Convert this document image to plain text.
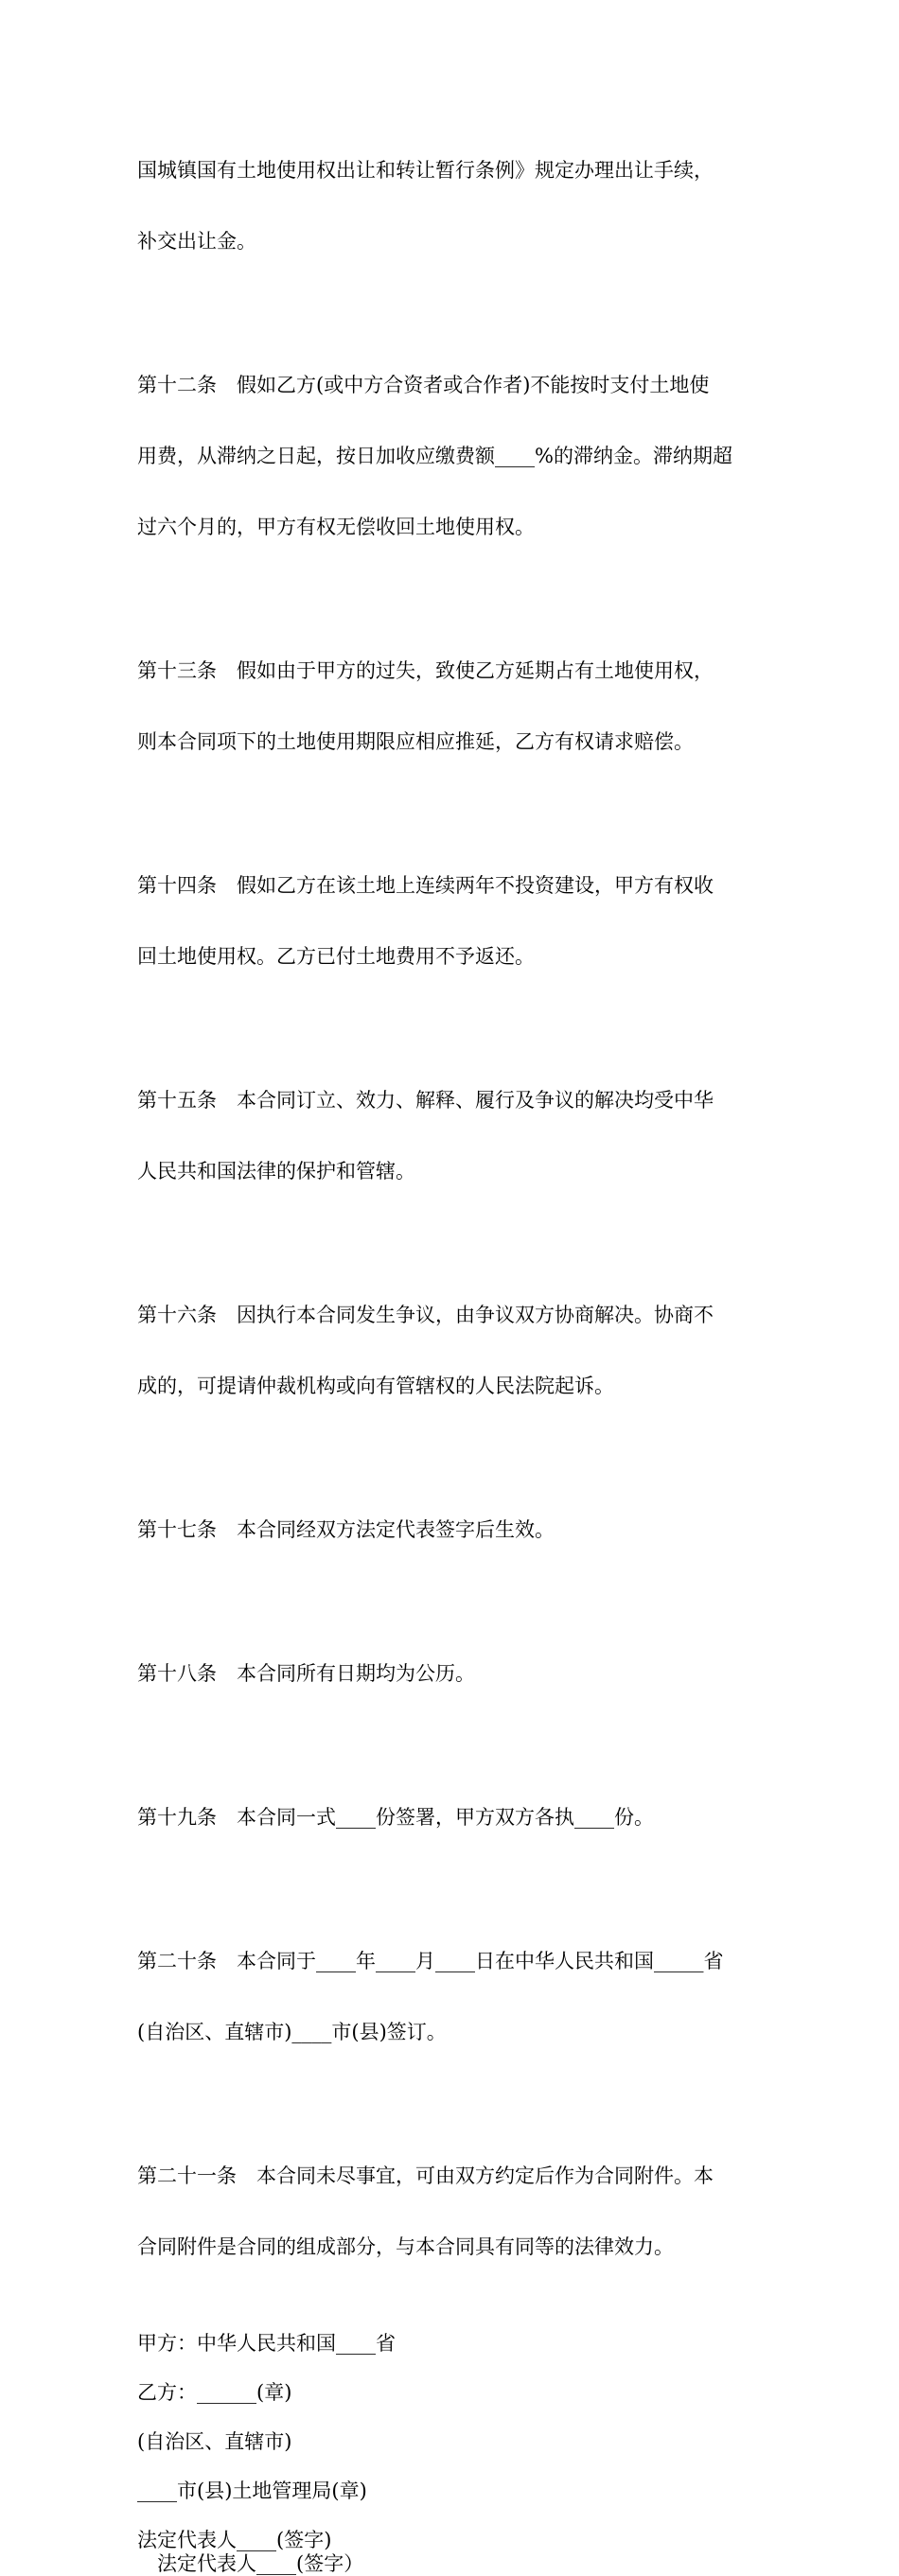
国城镇国有土地使用权出让和转让暂行条例》规定办理出让手续，

补交出让金。

第十二条　假如乙方(或中方合资者或合作者)不能按时支付土地使

用费，从滞纳之日起，按日加收应缴费额____%的滞纳金。滞纳期超

过六个月的，甲方有权无偿收回土地使用权。

第十三条　假如由于甲方的过失，致使乙方延期占有土地使用权，

则本合同项下的土地使用期限应相应推延，乙方有权请求赔偿。

第十四条　假如乙方在该土地上连续两年不投资建设，甲方有权收

回土地使用权。乙方已付土地费用不予返还。

第十五条　本合同订立、效力、解释、履行及争议的解决均受中华

人民共和国法律的保护和管辖。

第十六条　因执行本合同发生争议，由争议双方协商解决。协商不

成的，可提请仲裁机构或向有管辖权的人民法院起诉。

第十七条　本合同经双方法定代表签字后生效。

第十八条　本合同所有日期均为公历。

第十九条　本合同一式____份签署，甲方双方各执____份。

第二十条　本合同于____年____月____日在中华人民共和国_____省

(自治区、直辖市)____市(县)签订。

第二十一条　本合同未尽事宜，可由双方约定后作为合同附件。本

合同附件是合同的组成部分，与本合同具有同等的法律效力。

甲方：中华人民共和国____省
乙方：______(章)
(自治区、直辖市)
____市(县)土地管理局(章)
法定代表人____(签字)
　法定代表人____(签字）
